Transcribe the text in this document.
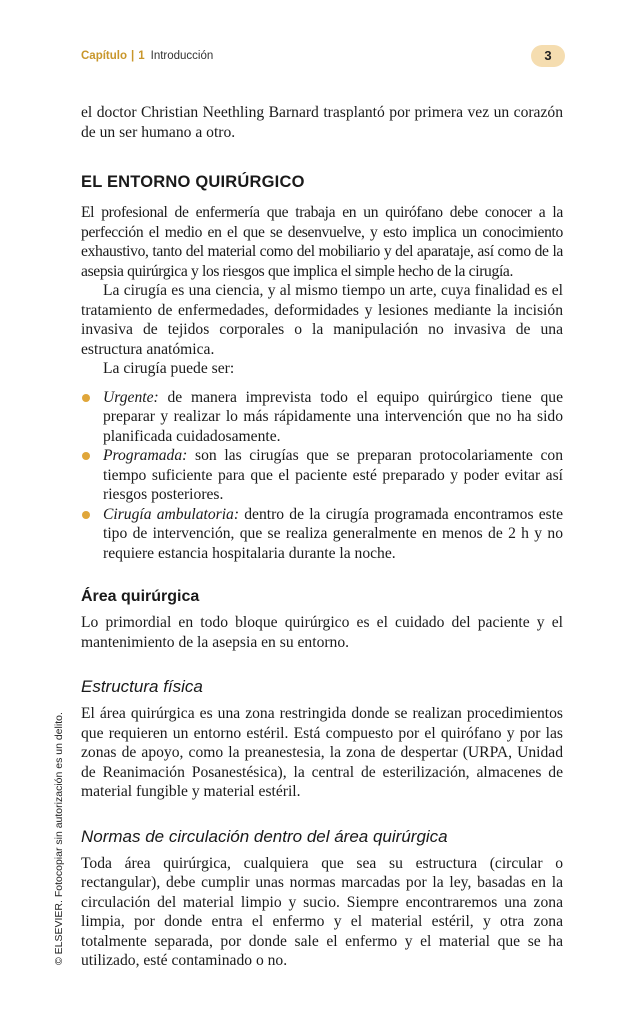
Capítulo | 1 Introducción	3

el doctor Christian Neethling Barnard trasplantó por primera vez un corazón de un ser humano a otro.

EL ENTORNO QUIRÚRGICO

El profesional de enfermería que trabaja en un quirófano debe conocer a la perfección el medio en el que se desenvuelve, y esto implica un conocimiento exhaustivo, tanto del material como del mobiliario y del aparataje, así como de la asepsia quirúrgica y los riesgos que implica el simple hecho de la cirugía.

La cirugía es una ciencia, y al mismo tiempo un arte, cuya finalidad es el tratamiento de enfermedades, deformidades y lesiones mediante la incisión invasiva de tejidos corporales o la manipulación no invasiva de una estructura anatómica.

La cirugía puede ser:

Urgente: de manera imprevista todo el equipo quirúrgico tiene que preparar y realizar lo más rápidamente una intervención que no ha sido planificada cuidadosamente.
Programada: son las cirugías que se preparan protocolariamente con tiempo suficiente para que el paciente esté preparado y poder evitar así riesgos posteriores.
Cirugía ambulatoria: dentro de la cirugía programada encontramos este tipo de intervención, que se realiza generalmente en menos de 2 h y no requiere estancia hospitalaria durante la noche.
Área quirúrgica

Lo primordial en todo bloque quirúrgico es el cuidado del paciente y el mantenimiento de la asepsia en su entorno.

Estructura física

El área quirúrgica es una zona restringida donde se realizan procedimientos que requieren un entorno estéril. Está compuesto por el quirófano y por las zonas de apoyo, como la preanestesia, la zona de despertar (URPA, Unidad de Reanimación Posanestésica), la central de esterilización, almacenes de material fungible y material estéril.

Normas de circulación dentro del área quirúrgica

Toda área quirúrgica, cualquiera que sea su estructura (circular o rectangular), debe cumplir unas normas marcadas por la ley, basadas en la circulación del material limpio y sucio. Siempre encontraremos una zona limpia, por donde entra el enfermo y el material estéril, y otra zona totalmente separada, por donde sale el enfermo y el material que se ha utilizado, esté contaminado o no.

© ELSEVIER. Fotocopiar sin autorización es un delito.
